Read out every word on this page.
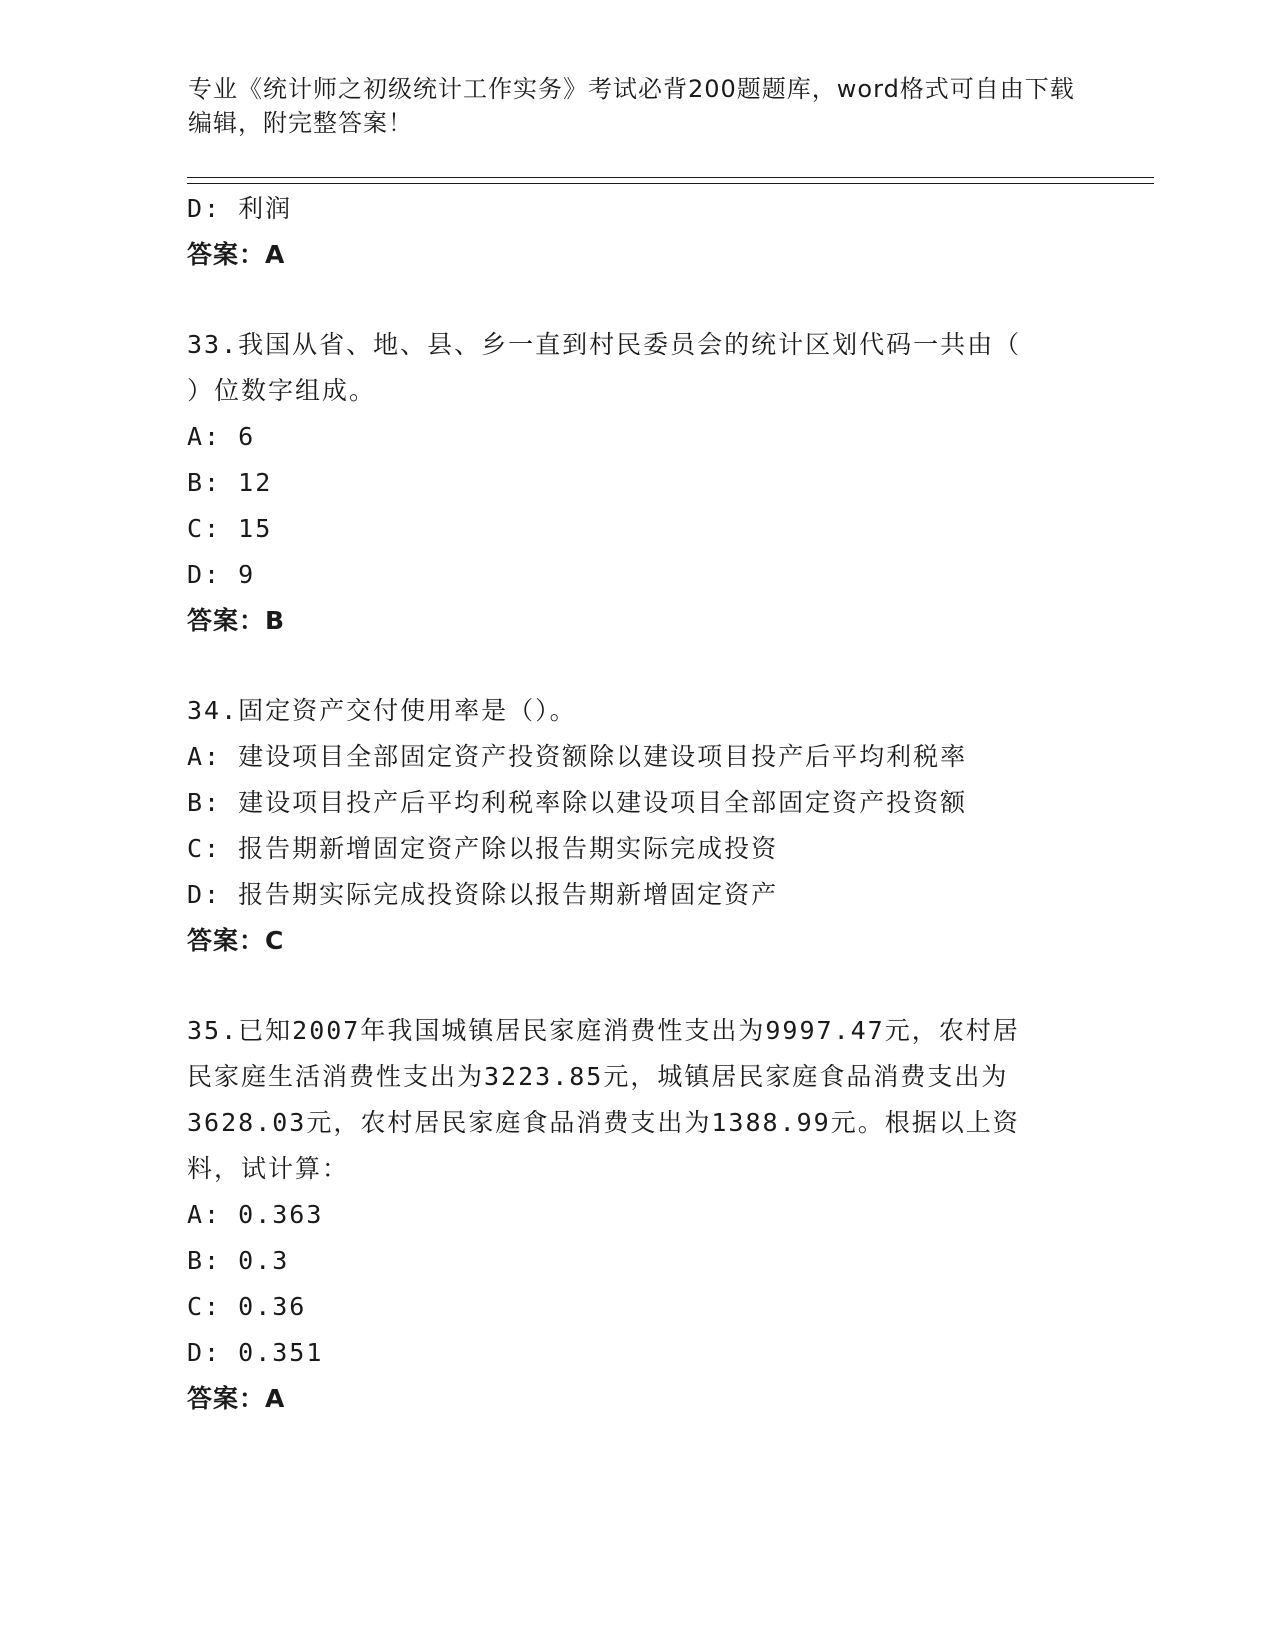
专业《统计师之初级统计工作实务》考试必背200题题库，word格式可自由下载
编辑，附完整答案！
D: 利润
答案：A
33.我国从省、地、县、乡一直到村民委员会的统计区划代码一共由（
）位数字组成。
A: 6
B: 12
C: 15
D: 9
答案：B
34.固定资产交付使用率是（）。
A: 建设项目全部固定资产投资额除以建设项目投产后平均利税率
B: 建设项目投产后平均利税率除以建设项目全部固定资产投资额
C: 报告期新增固定资产除以报告期实际完成投资
D: 报告期实际完成投资除以报告期新增固定资产
答案：C
35.已知2007年我国城镇居民家庭消费性支出为9997.47元，农村居
民家庭生活消费性支出为3223.85元，城镇居民家庭食品消费支出为
3628.03元，农村居民家庭食品消费支出为1388.99元。根据以上资
料，试计算：
A: 0.363
B: 0.3
C: 0.36
D: 0.351
答案：A
